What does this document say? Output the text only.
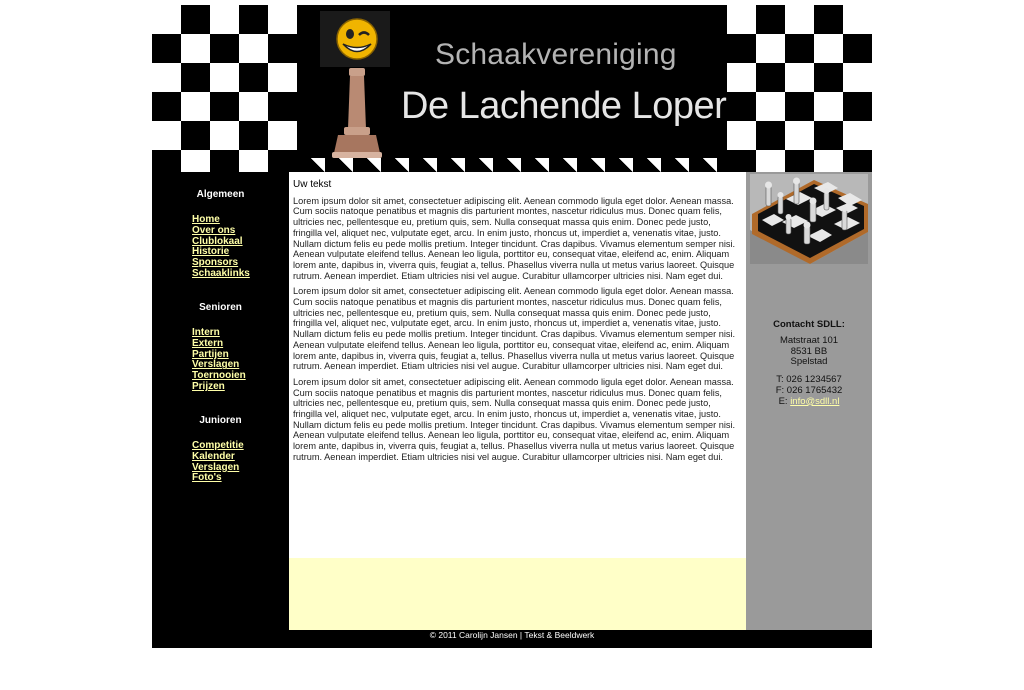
Schaakvereniging
De Lachende Loper
Algemeen
Home
Over ons
Clublokaal
Historie
Sponsors
Schaaklinks
Senioren
Intern
Extern
Partijen
Verslagen
Toernooien
Prijzen
Junioren
Competitie
Kalender
Verslagen
Foto's
Uw tekst

Lorem ipsum dolor sit amet, consectetuer adipiscing elit. Aenean commodo ligula eget dolor. Aenean massa. Cum sociis natoque penatibus et magnis dis parturient montes, nascetur ridiculus mus. Donec quam felis, ultricies nec, pellentesque eu, pretium quis, sem. Nulla consequat massa quis enim. Donec pede justo, fringilla vel, aliquet nec, vulputate eget, arcu. In enim justo, rhoncus ut, imperdiet a, venenatis vitae, justo. Nullam dictum felis eu pede mollis pretium. Integer tincidunt. Cras dapibus. Vivamus elementum semper nisi. Aenean vulputate eleifend tellus. Aenean leo ligula, porttitor eu, consequat vitae, eleifend ac, enim. Aliquam lorem ante, dapibus in, viverra quis, feugiat a, tellus. Phasellus viverra nulla ut metus varius laoreet. Quisque rutrum. Aenean imperdiet. Etiam ultricies nisi vel augue. Curabitur ullamcorper ultricies nisi. Nam eget dui.

Lorem ipsum dolor sit amet, consectetuer adipiscing elit. Aenean commodo ligula eget dolor. Aenean massa. Cum sociis natoque penatibus et magnis dis parturient montes, nascetur ridiculus mus. Donec quam felis, ultricies nec, pellentesque eu, pretium quis, sem. Nulla consequat massa quis enim. Donec pede justo, fringilla vel, aliquet nec, vulputate eget, arcu. In enim justo, rhoncus ut, imperdiet a, venenatis vitae, justo. Nullam dictum felis eu pede mollis pretium. Integer tincidunt. Cras dapibus. Vivamus elementum semper nisi. Aenean vulputate eleifend tellus. Aenean leo ligula, porttitor eu, consequat vitae, eleifend ac, enim. Aliquam lorem ante, dapibus in, viverra quis, feugiat a, tellus. Phasellus viverra nulla ut metus varius laoreet. Quisque rutrum. Aenean imperdiet. Etiam ultricies nisi vel augue. Curabitur ullamcorper ultricies nisi. Nam eget dui.

Lorem ipsum dolor sit amet, consectetuer adipiscing elit. Aenean commodo ligula eget dolor. Aenean massa. Cum sociis natoque penatibus et magnis dis parturient montes, nascetur ridiculus mus. Donec quam felis, ultricies nec, pellentesque eu, pretium quis, sem. Nulla consequat massa quis enim. Donec pede justo, fringilla vel, aliquet nec, vulputate eget, arcu. In enim justo, rhoncus ut, imperdiet a, venenatis vitae, justo. Nullam dictum felis eu pede mollis pretium. Integer tincidunt. Cras dapibus. Vivamus elementum semper nisi. Aenean vulputate eleifend tellus. Aenean leo ligula, porttitor eu, consequat vitae, eleifend ac, enim. Aliquam lorem ante, dapibus in, viverra quis, feugiat a, tellus. Phasellus viverra nulla ut metus varius laoreet. Quisque rutrum. Aenean imperdiet. Etiam ultricies nisi vel augue. Curabitur ullamcorper ultricies nisi. Nam eget dui.

Contacht SDLL:
Matstraat 101
8531 BB
Spelstad
T: 026 1234567
F: 026 1765432
E: info@sdll.nl
© 2011 Carolijn Jansen | Tekst & Beeldwerk
